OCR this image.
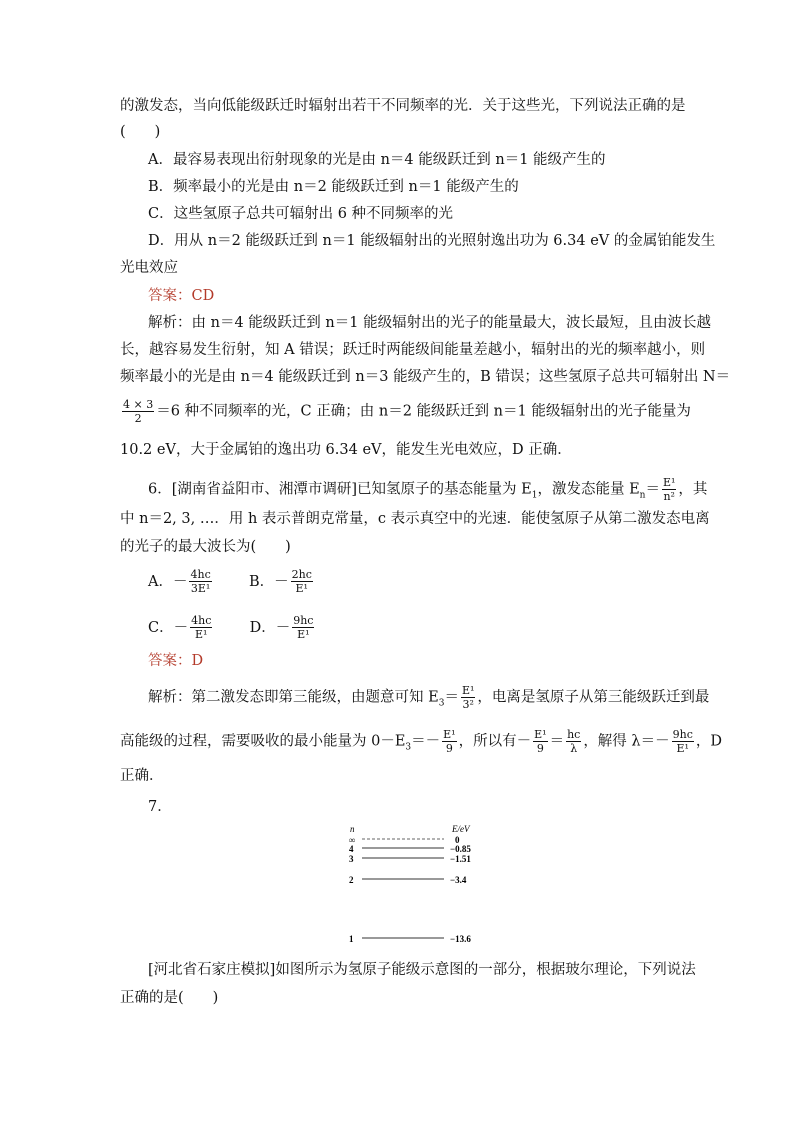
的激发态，当向低能级跃迁时辐射出若干不同频率的光．关于这些光，下列说法正确的是
(　　)
A．最容易表现出衍射现象的光是由 n＝4 能级跃迁到 n＝1 能级产生的
B．频率最小的光是由 n＝2 能级跃迁到 n＝1 能级产生的
C．这些氢原子总共可辐射出 6 种不同频率的光
D．用从 n＝2 能级跃迁到 n＝1 能级辐射出的光照射逸出功为 6.34 eV 的金属铂能发生
光电效应
答案：CD
解析：由 n＝4 能级跃迁到 n＝1 能级辐射出的光子的能量最大，波长最短，且由波长越
长，越容易发生衍射，知 A 错误；跃迁时两能级间能量差越小，辐射出的光的频率越小，则
频率最小的光是由 n＝4 能级跃迁到 n＝3 能级产生的，B 错误；这些氢原子总共可辐射出 N＝
$\frac{4 \times 3}{2} =6$ 种不同频率的光，C 正确；由 n＝2 能级跃迁到 n＝1 能级辐射出的光子能量为
10.2 eV，大于金属铂的逸出功 6.34 eV，能发生光电效应，D 正确．
6．[湖南省益阳市、湘潭市调研]已知氢原子的基态能量为 $E_1$，激发态能量 $E_n= \frac{\text{E¹}}{\text{n²}}$ ，其
中 n＝2, 3, …．用 h 表示普朗克常量，c 表示真空中的光速．能使氢原子从第二激发态电离
的光子的最大波长为(　　)
A．－ $\frac{4hc}{\text{3E¹}}$	B．－ $\frac{2hc}{\text{E¹}}$
C．－ $\frac{4hc}{\text{E¹}}$	D．－ $\frac{9hc}{\text{E¹}}$
答案：D
解析：第二激发态即第三能级，由题意可知 $E_3= \frac{\text{E¹}}{\text{3²}}$ ，电离是氢原子从第三能级跃迁到最
高能级的过程，需要吸收的最小能量为 $0-E_3=- \frac{\text{E¹}}{9}$ ，所以有－ $\frac{\text{E¹}}{9} = \frac{hc}{\lambda}$ ，解得 $\lambda=- \frac{9hc}{\text{E¹}}$ ，D
正确．
7．
n	E/eV
∞	0
4	−0.85
3	−1.51
2	−3.4
1	−13.6
[河北省石家庄模拟]如图所示为氢原子能级示意图的一部分，根据玻尔理论，下列说法
正确的是(　　)
